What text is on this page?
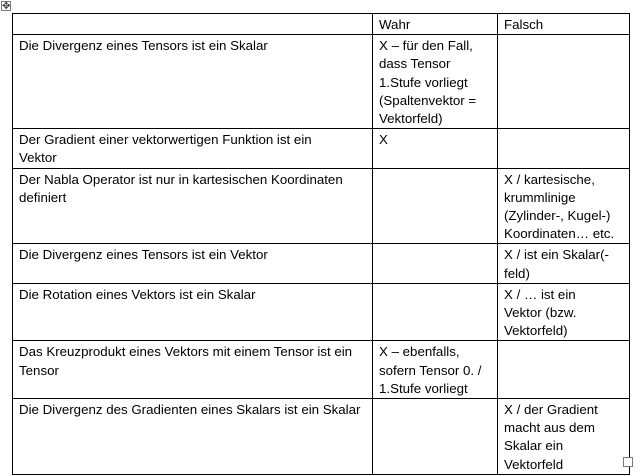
✥
	Wahr	Falsch
Die Divergenz eines Tensors ist ein Skalar	X – für den Fall,
dass Tensor
1.Stufe vorliegt
(Spaltenvektor =
Vektorfeld)	
Der Gradient einer vektorwertigen Funktion ist ein
Vektor	X	
Der Nabla Operator ist nur in kartesischen Koordinaten
definiert		X / kartesische,
krummlinige
(Zylinder-, Kugel-)
Koordinaten… etc.
Die Divergenz eines Tensors ist ein Vektor		X / ist ein Skalar(-
feld)
Die Rotation eines Vektors ist ein Skalar		X / … ist ein
Vektor (bzw.
Vektorfeld)
Das Kreuzprodukt eines Vektors mit einem Tensor ist ein
Tensor	X – ebenfalls,
sofern Tensor 0. /
1.Stufe vorliegt	
Die Divergenz des Gradienten eines Skalars ist ein Skalar		X / der Gradient
macht aus dem
Skalar ein
Vektorfeld
